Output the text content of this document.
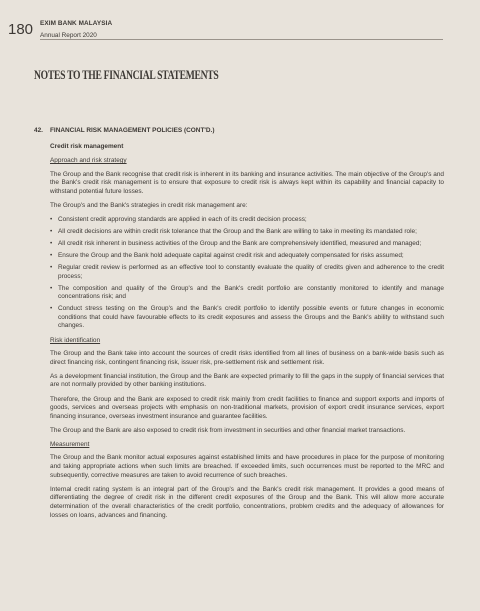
180 EXIM BANK MALAYSIA
Annual Report 2020
NOTES TO THE FINANCIAL STATEMENTS
42.	FINANCIAL RISK MANAGEMENT POLICIES (CONT'D.)
Credit risk management
Approach and risk strategy

The Group and the Bank recognise that credit risk is inherent in its banking and insurance activities. The main objective of the Group's and the Bank's credit risk management is to ensure that exposure to credit risk is always kept within its capability and financial capacity to withstand potential future losses.

The Group's and the Bank's strategies in credit risk management are:

• Consistent credit approving standards are applied in each of its credit decision process;
• All credit decisions are within credit risk tolerance that the Group and the Bank are willing to take in meeting its mandated role;
• All credit risk inherent in business activities of the Group and the Bank are comprehensively identified, measured and managed;
• Ensure the Group and the Bank hold adequate capital against credit risk and adequately compensated for risks assumed;
• Regular credit review is performed as an effective tool to constantly evaluate the quality of credits given and adherence to the credit process;
• The composition and quality of the Group's and the Bank's credit portfolio are constantly monitored to identify and manage concentrations risk; and
• Conduct stress testing on the Group's and the Bank's credit portfolio to identify possible events or future changes in economic conditions that could have favourable effects to its credit exposures and assess the Groups and the Bank's ability to withstand such changes.
Risk identification

The Group and the Bank take into account the sources of credit risks identified from all lines of business on a bank-wide basis such as direct financing risk, contingent financing risk, issuer risk, pre-settlement risk and settlement risk.

As a development financial institution, the Group and the Bank are expected primarily to fill the gaps in the supply of financial services that are not normally provided by other banking institutions.

Therefore, the Group and the Bank are exposed to credit risk mainly from credit facilities to finance and support exports and imports of goods, services and overseas projects with emphasis on non-traditional markets, provision of export credit insurance services, export financing insurance, overseas investment insurance and guarantee facilities.

The Group and the Bank are also exposed to credit risk from investment in securities and other financial market transactions.

Measurement

The Group and the Bank monitor actual exposures against established limits and have procedures in place for the purpose of monitoring and taking appropriate actions when such limits are breached. If exceeded limits, such occurrences must be reported to the MRC and subsequently, corrective measures are taken to avoid recurrence of such breaches.

Internal credit rating system is an integral part of the Group's and the Bank's credit risk management. It provides a good means of differentiating the degree of credit risk in the different credit exposures of the Group and the Bank. This will allow more accurate determination of the overall characteristics of the credit portfolio, concentrations, problem credits and the adequacy of allowances for losses on loans, advances and financing.
